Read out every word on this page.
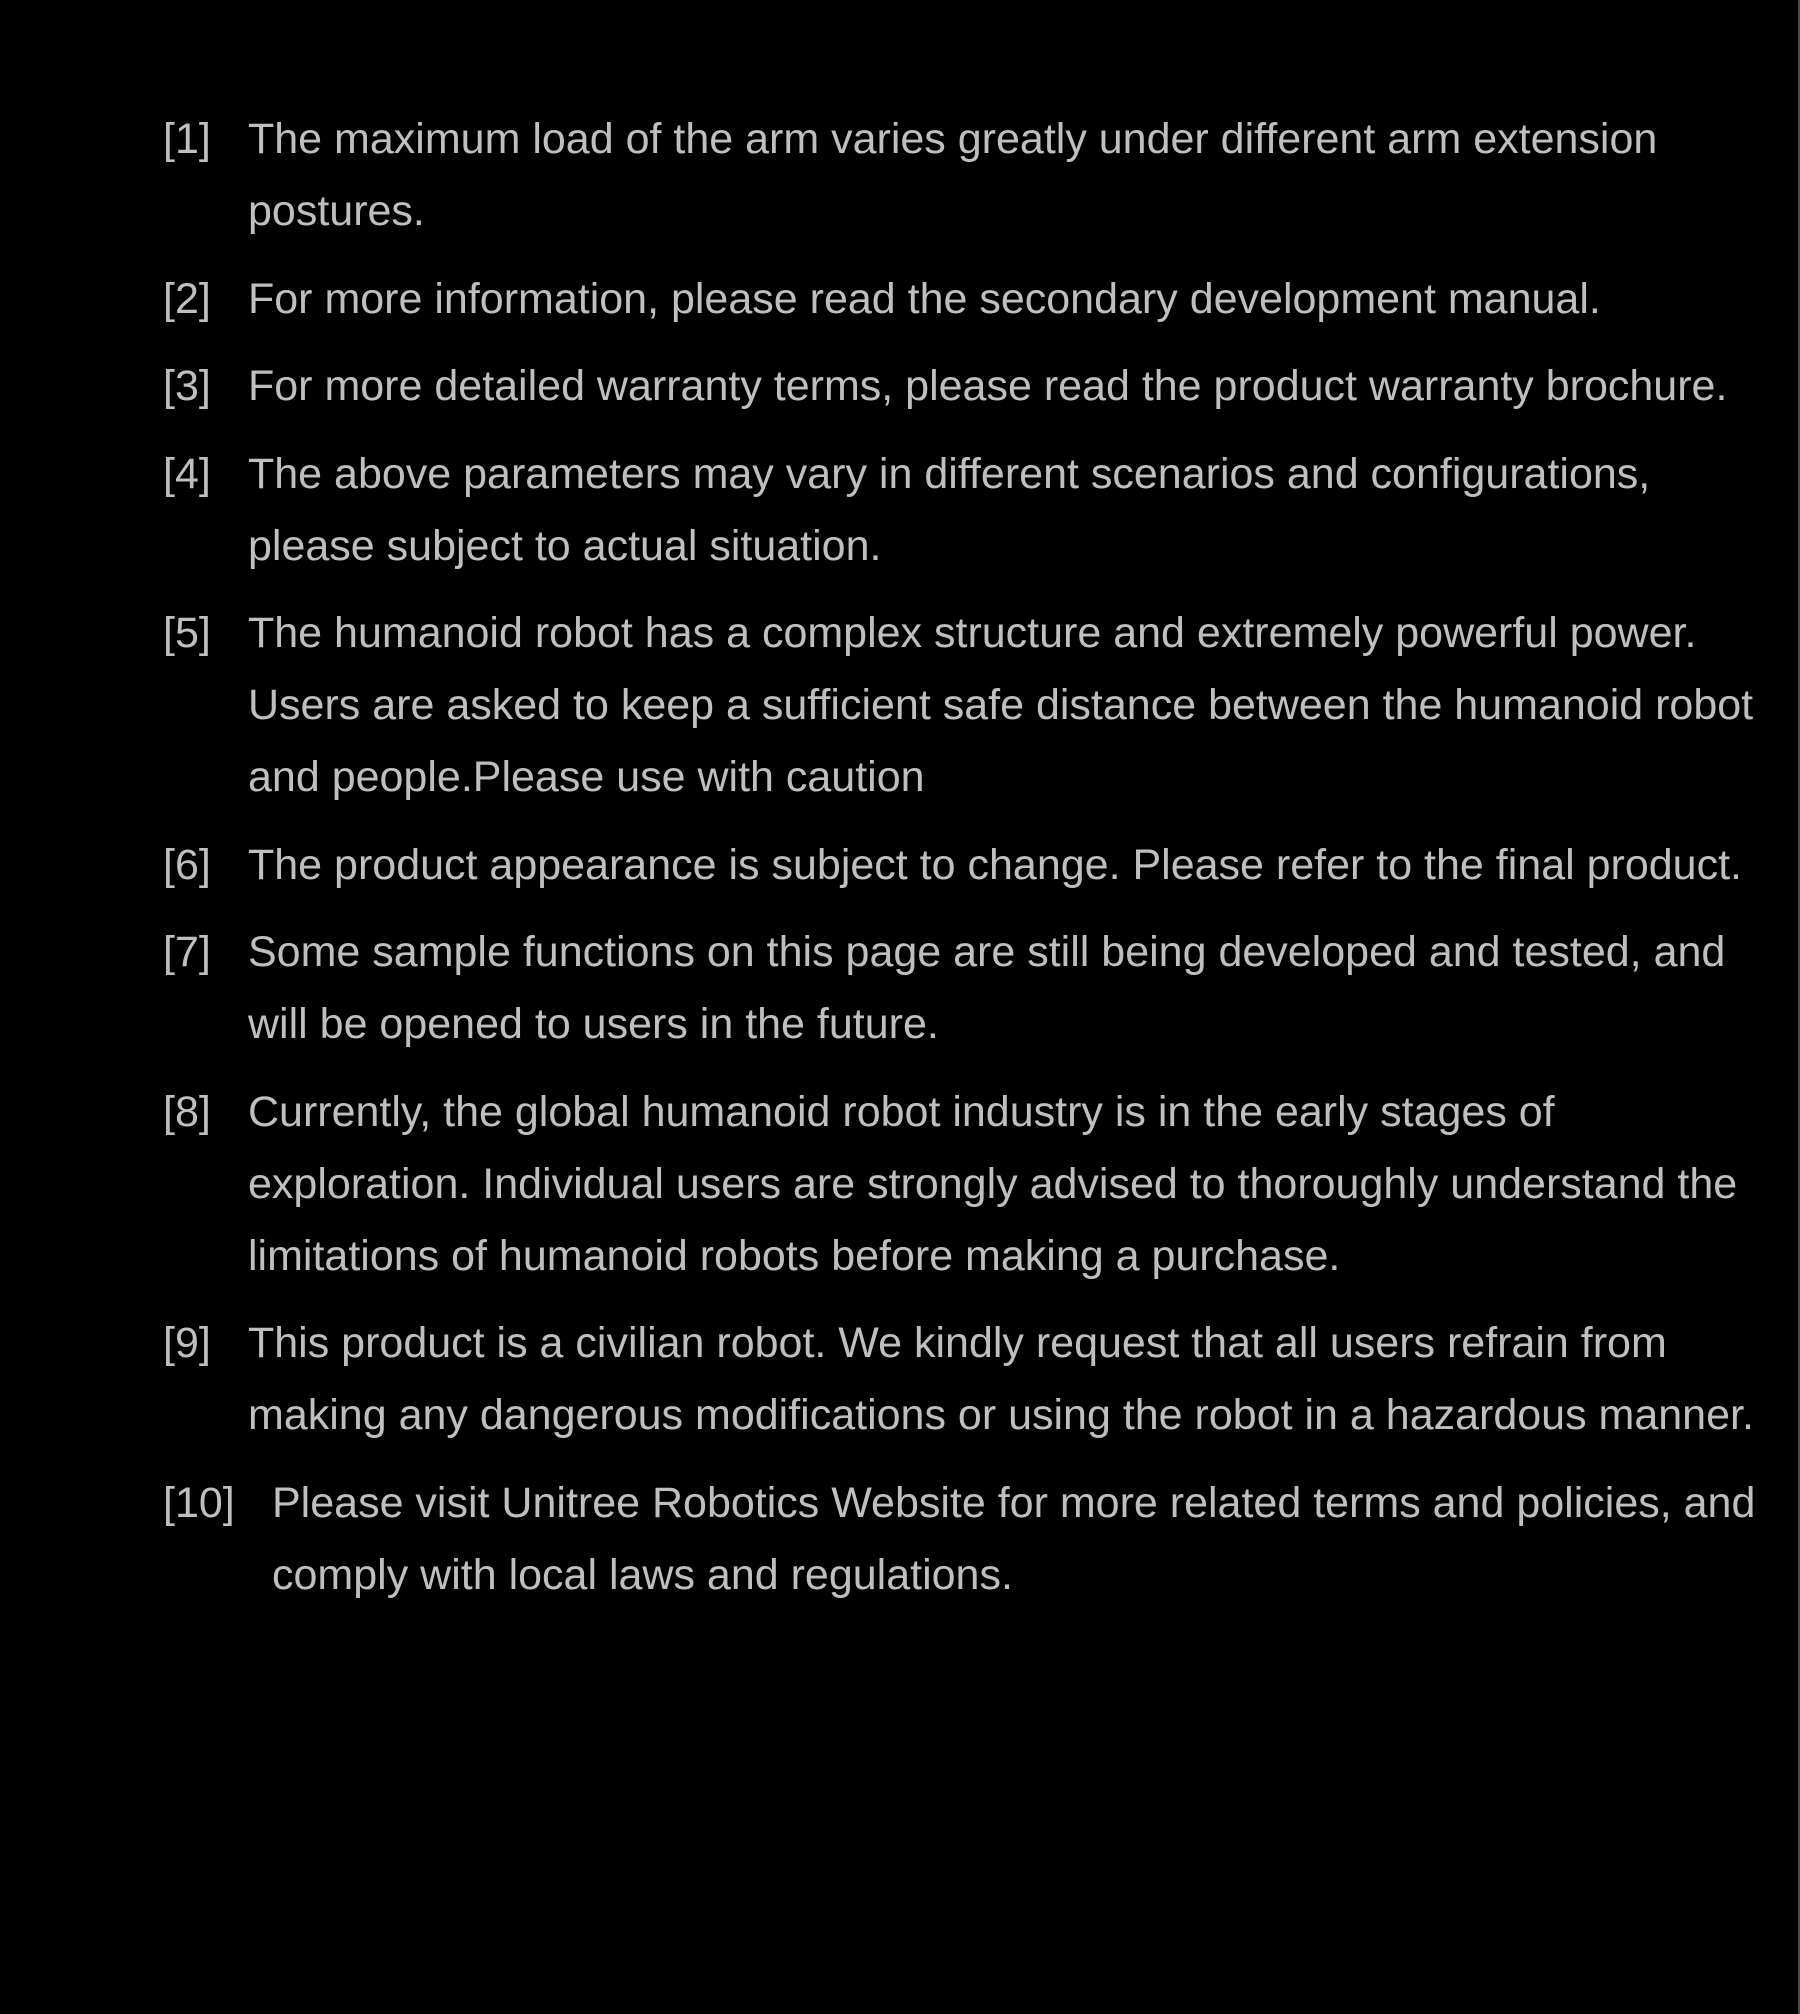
[1] The maximum load of the arm varies greatly under different arm extension postures.
[2] For more information, please read the secondary development manual.
[3] For more detailed warranty terms, please read the product warranty brochure.
[4] The above parameters may vary in different scenarios and configurations, please subject to actual situation.
[5] The humanoid robot has a complex structure and extremely powerful power. Users are asked to keep a sufficient safe distance between the humanoid robot and people.Please use with caution
[6] The product appearance is subject to change. Please refer to the final product.
[7] Some sample functions on this page are still being developed and tested, and will be opened to users in the future.
[8] Currently, the global humanoid robot industry is in the early stages of exploration. Individual users are strongly advised to thoroughly understand the limitations of humanoid robots before making a purchase.
[9] This product is a civilian robot. We kindly request that all users refrain from making any dangerous modifications or using the robot in a hazardous manner.
[10] Please visit Unitree Robotics Website for more related terms and policies, and comply with local laws and regulations.
